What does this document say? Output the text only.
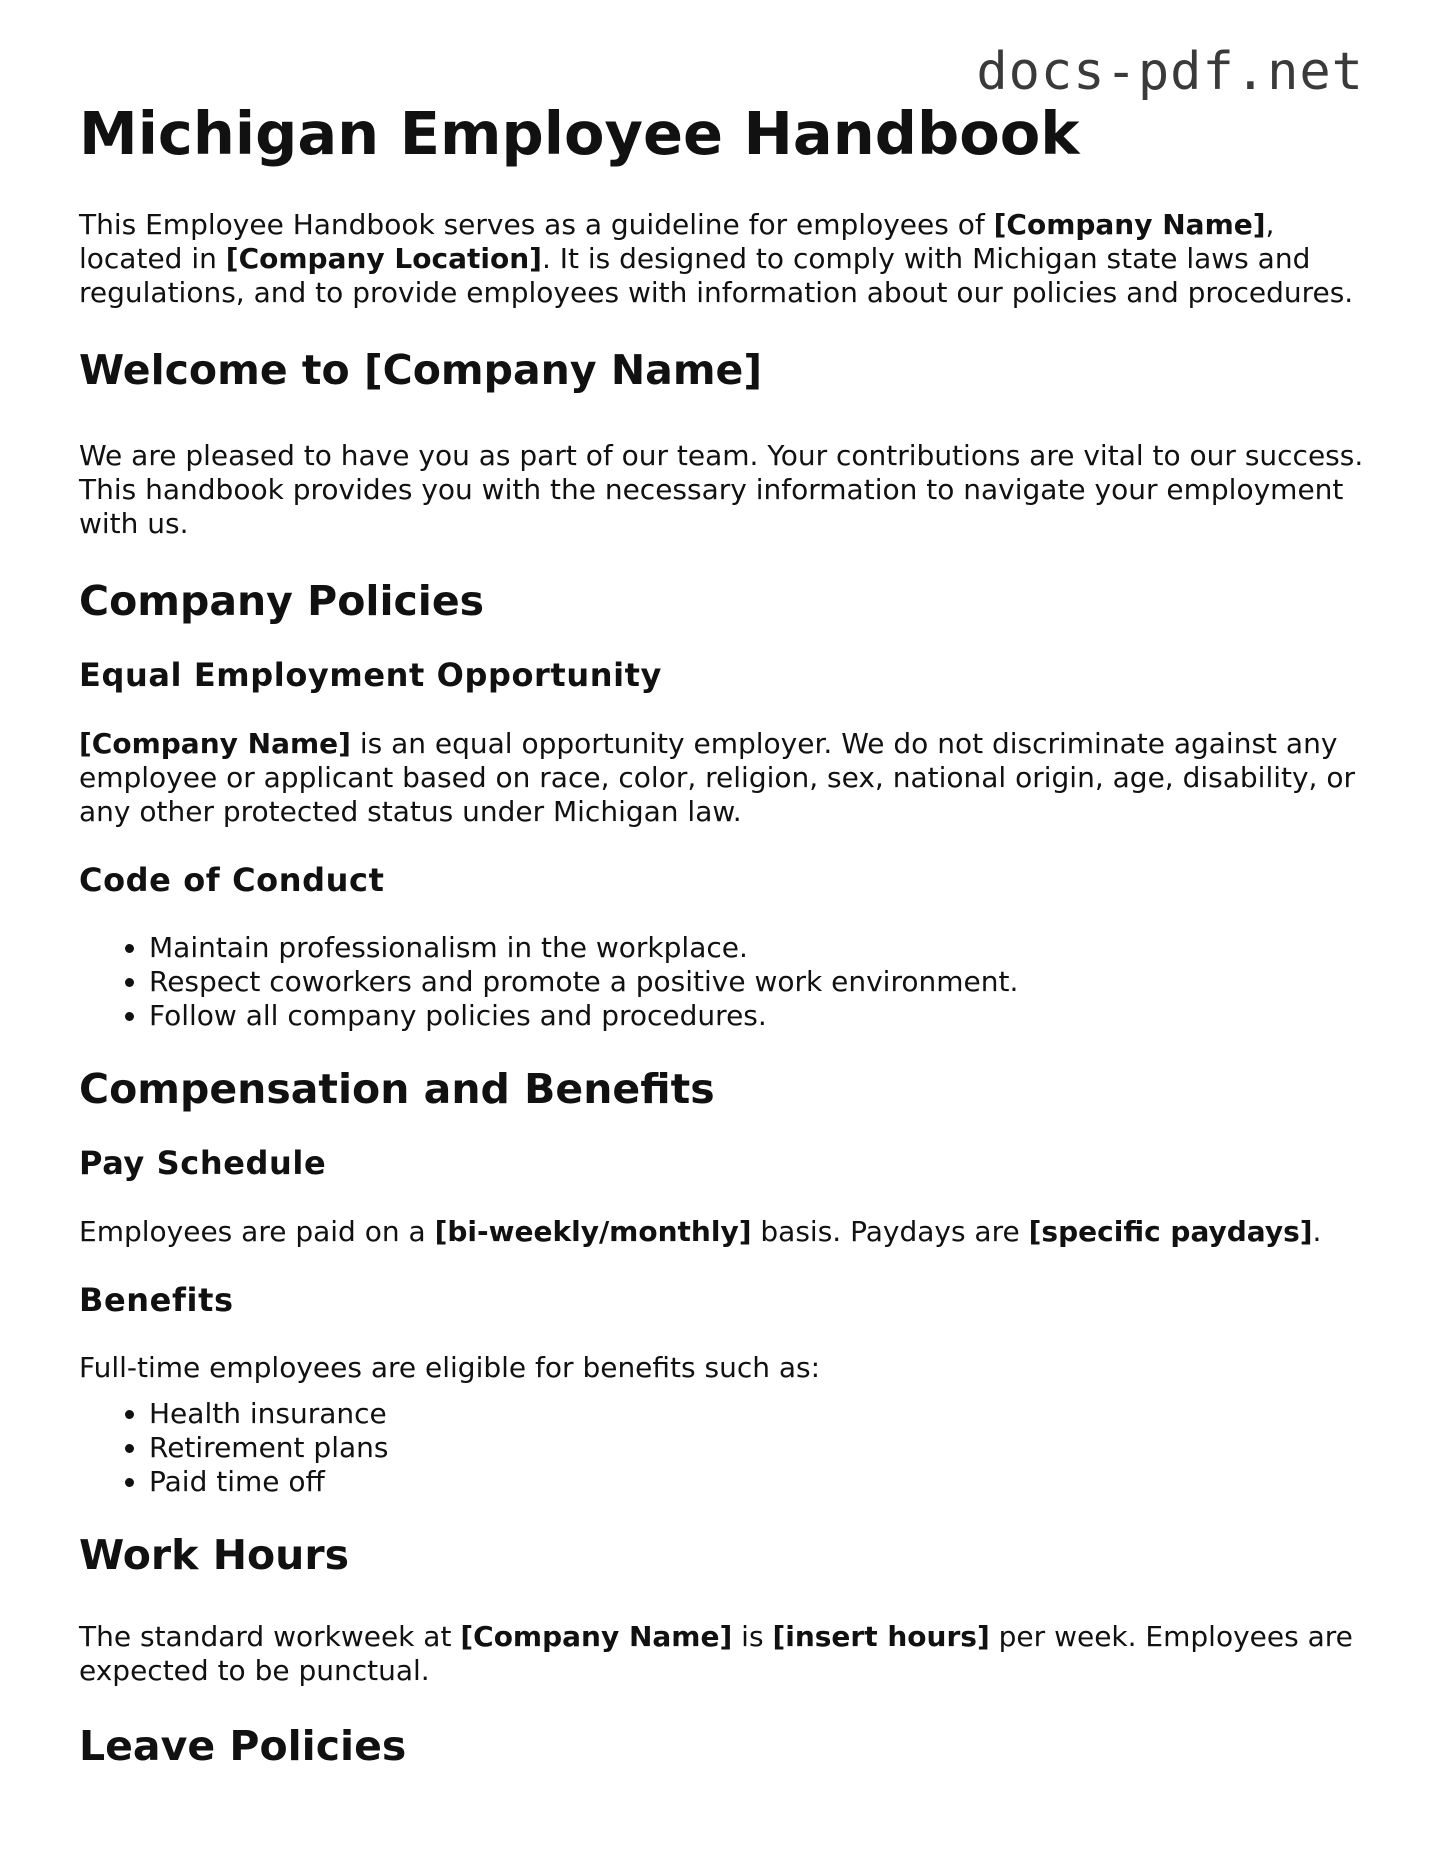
docs-pdf.net
Michigan Employee Handbook

This Employee Handbook serves as a guideline for employees of [Company Name], located in [Company Location]. It is designed to comply with Michigan state laws and regulations, and to provide employees with information about our policies and procedures.

Welcome to [Company Name]

We are pleased to have you as part of our team. Your contributions are vital to our success. This handbook provides you with the necessary information to navigate your employment with us.

Company Policies
Equal Employment Opportunity

[Company Name] is an equal opportunity employer. We do not discriminate against any employee or applicant based on race, color, religion, sex, national origin, age, disability, or any other protected status under Michigan law.

Code of Conduct
• Maintain professionalism in the workplace.
• Respect coworkers and promote a positive work environment.
• Follow all company policies and procedures.
Compensation and Benefits
Pay Schedule

Employees are paid on a [bi-weekly/monthly] basis. Paydays are [specific paydays].

Benefits

Full-time employees are eligible for benefits such as:

• Health insurance
• Retirement plans
• Paid time off
Work Hours

The standard workweek at [Company Name] is [insert hours] per week. Employees are expected to be punctual.

Leave Policies
